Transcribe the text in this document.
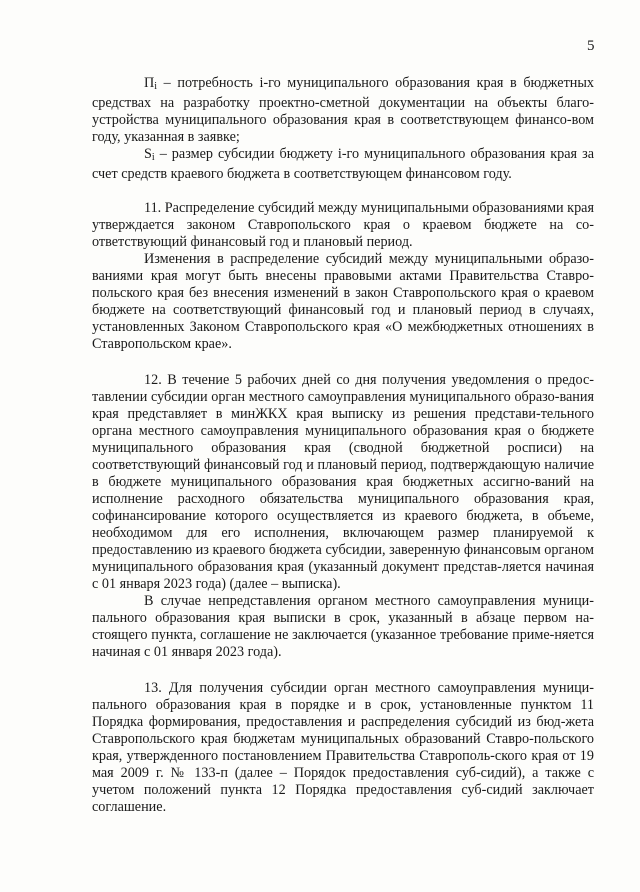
5

$П_i$ – потребность i-го муниципального образования края в бюджетных средствах на разработку проектно-сметной документации на объекты благо-устройства муниципального образования края в соответствующем финансо-вом году, указанная в заявке;

$S_i$ – размер субсидии бюджету i-го муниципального образования края за счет средств краевого бюджета в соответствующем финансовом году.

11. Распределение субсидий между муниципальными образованиями края утверждается законом Ставропольского края о краевом бюджете на со-ответствующий финансовый год и плановый период.

Изменения в распределение субсидий между муниципальными образо-ваниями края могут быть внесены правовыми актами Правительства Ставро-польского края без внесения изменений в закон Ставропольского края о краевом бюджете на соответствующий финансовый год и плановый период в случаях, установленных Законом Ставропольского края «О межбюджетных отношениях в Ставропольском крае».

12. В течение 5 рабочих дней со дня получения уведомления о предос-тавлении субсидии орган местного самоуправления муниципального образо-вания края представляет в минЖКХ края выписку из решения представи-тельного органа местного самоуправления муниципального образования края о бюджете муниципального образования края (сводной бюджетной росписи) на соответствующий финансовый год и плановый период, подтверждающую наличие в бюджете муниципального образования края бюджетных ассигно-ваний на исполнение расходного обязательства муниципального образования края, софинансирование которого осуществляется из краевого бюджета, в объеме, необходимом для его исполнения, включающем размер планируемой к предоставлению из краевого бюджета субсидии, заверенную финансовым органом муниципального образования края (указанный документ представ-ляется начиная с 01 января 2023 года) (далее – выписка).

В случае непредставления органом местного самоуправления муници-пального образования края выписки в срок, указанный в абзаце первом на-стоящего пункта, соглашение не заключается (указанное требование приме-няется начиная с 01 января 2023 года).

13. Для получения субсидии орган местного самоуправления муници-пального образования края в порядке и в срок, установленные пунктом 11 Порядка формирования, предоставления и распределения субсидий из бюд-жета Ставропольского края бюджетам муниципальных образований Ставро-польского края, утвержденного постановлением Правительства Ставрополь-ского края от 19 мая 2009 г. № 133-п (далее – Порядок предоставления суб-сидий), а также с учетом положений пункта 12 Порядка предоставления суб-сидий заключает соглашение.
